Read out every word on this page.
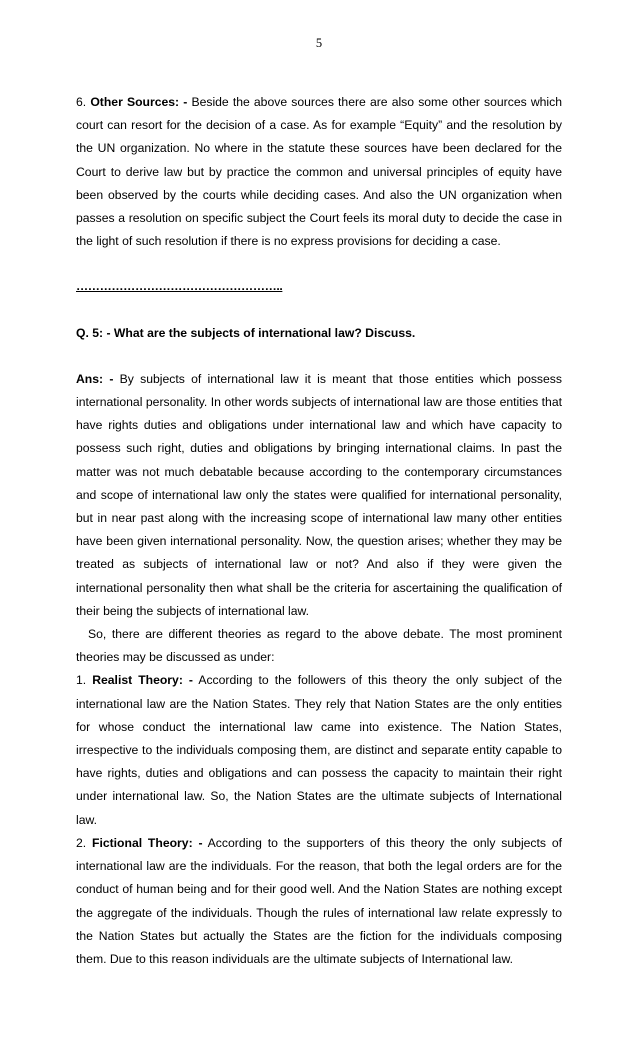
5

6. Other Sources: - Beside the above sources there are also some other sources which court can resort for the decision of a case. As for example “Equity” and the resolution by the UN organization. No where in the statute these sources have been declared for the Court to derive law but by practice the common and universal principles of equity have been observed by the courts while deciding cases. And also the UN organization when passes a resolution on specific subject the Court feels its moral duty to decide the case in the light of such resolution if there is no express provisions for deciding a case.

……………………………………………..

Q. 5: - What are the subjects of international law? Discuss.

Ans: - By subjects of international law it is meant that those entities which possess international personality. In other words subjects of international law are those entities that have rights duties and obligations under international law and which have capacity to possess such right, duties and obligations by bringing international claims. In past the matter was not much debatable because according to the contemporary circumstances and scope of international law only the states were qualified for international personality, but in near past along with the increasing scope of international law many other entities have been given international personality. Now, the question arises; whether they may be treated as subjects of international law or not? And also if they were given the international personality then what shall be the criteria for ascertaining the qualification of their being the subjects of international law.

So, there are different theories as regard to the above debate. The most prominent theories may be discussed as under:

1. Realist Theory: - According to the followers of this theory the only subject of the international law are the Nation States. They rely that Nation States are the only entities for whose conduct the international law came into existence. The Nation States, irrespective to the individuals composing them, are distinct and separate entity capable to have rights, duties and obligations and can possess the capacity to maintain their right under international law. So, the Nation States are the ultimate subjects of International law.

2. Fictional Theory: - According to the supporters of this theory the only subjects of international law are the individuals. For the reason, that both the legal orders are for the conduct of human being and for their good well. And the Nation States are nothing except the aggregate of the individuals. Though the rules of international law relate expressly to the Nation States but actually the States are the fiction for the individuals composing them. Due to this reason individuals are the ultimate subjects of International law.
